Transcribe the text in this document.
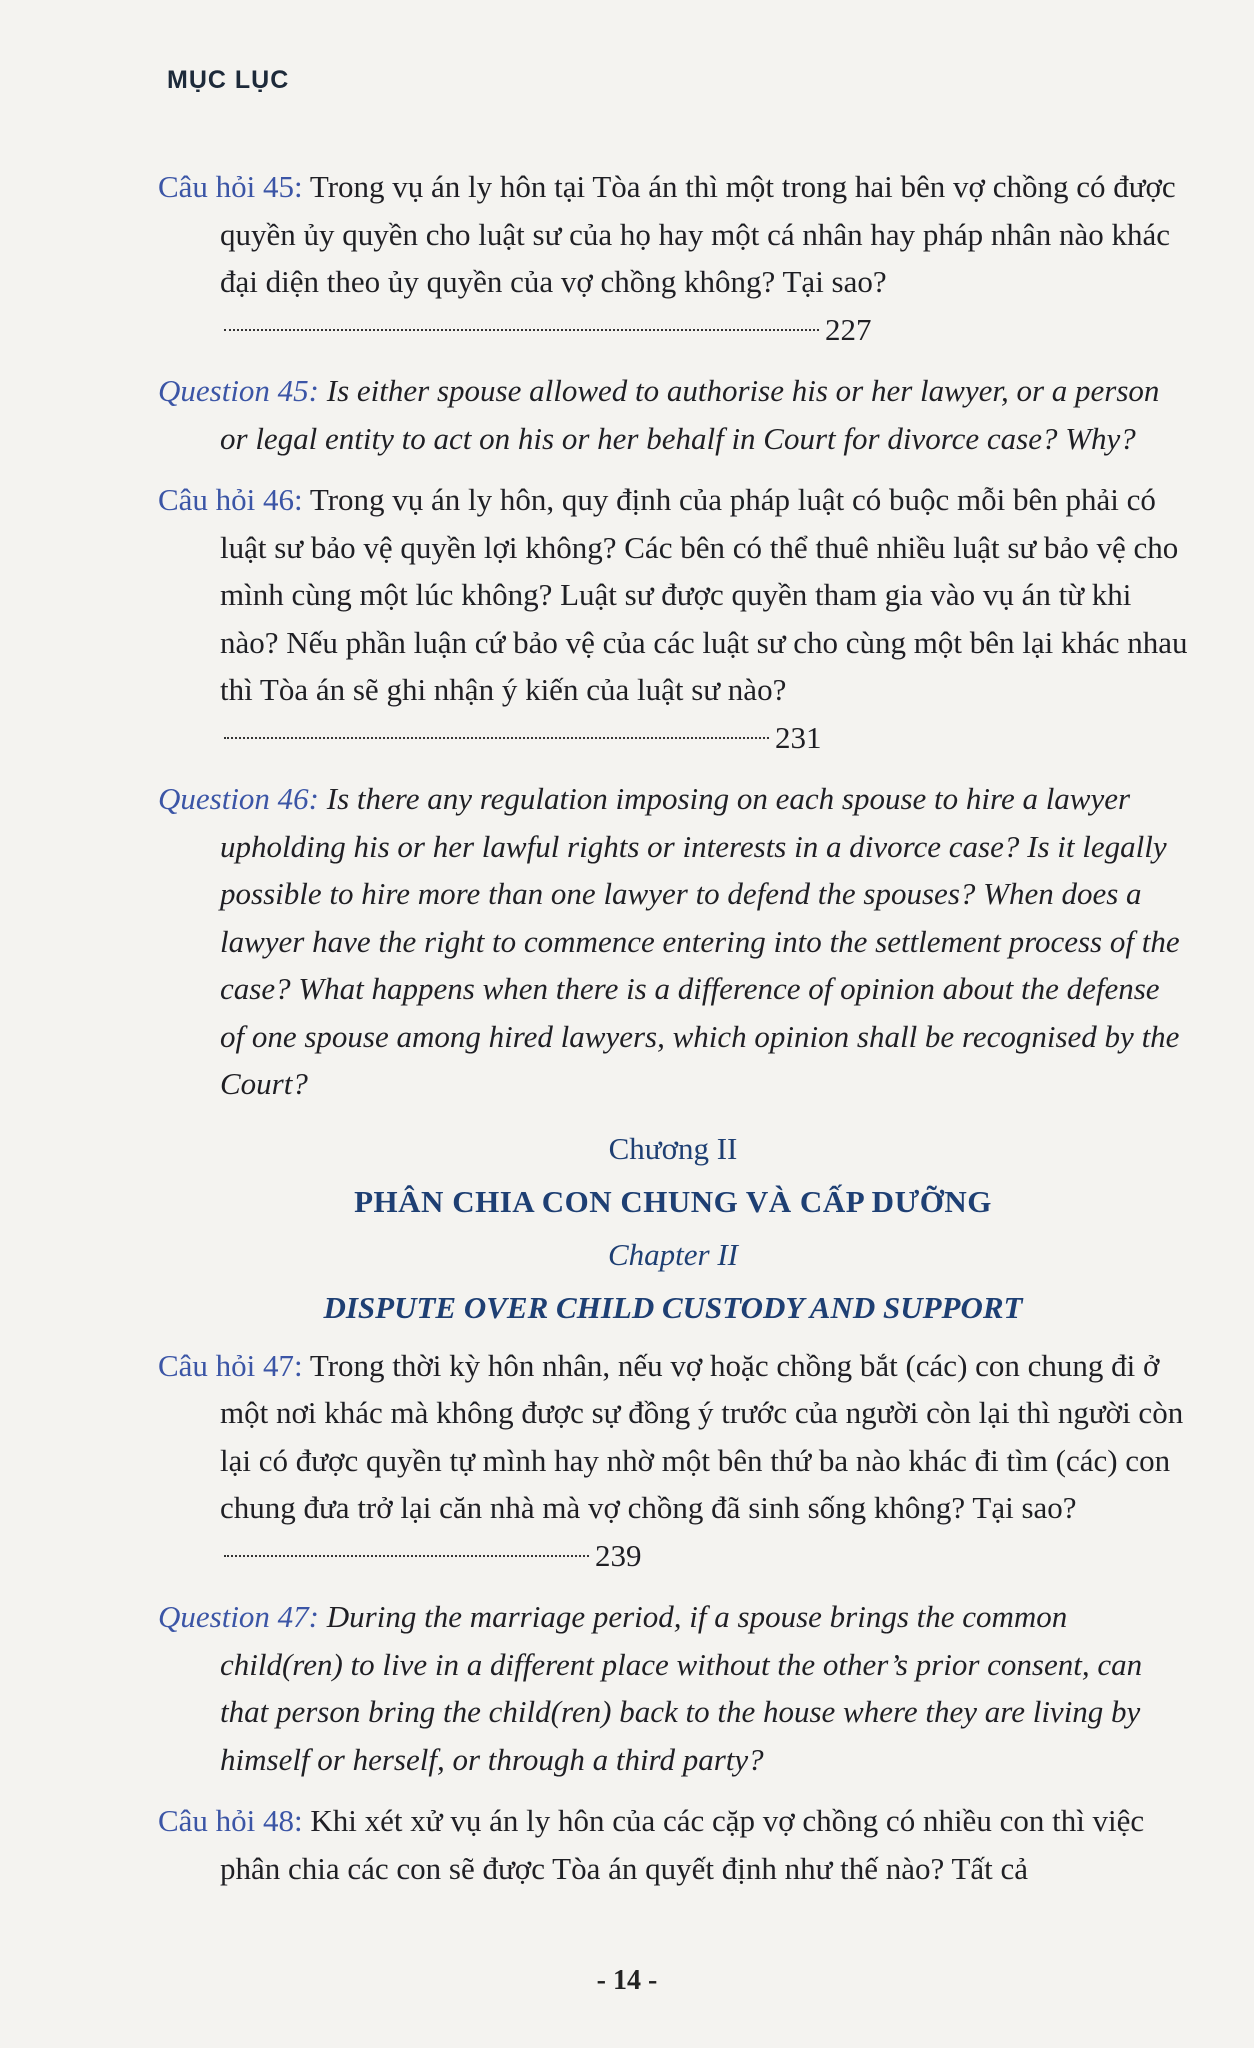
MỤC LỤC

Câu hỏi 45: Trong vụ án ly hôn tại Tòa án thì một trong hai bên vợ chồng có được quyền ủy quyền cho luật sư của họ hay một cá nhân hay pháp nhân nào khác đại diện theo ủy quyền của vợ chồng không? Tại sao?227

Question 45: Is either spouse allowed to authorise his or her lawyer, or a person or legal entity to act on his or her behalf in Court for divorce case? Why?

Câu hỏi 46: Trong vụ án ly hôn, quy định của pháp luật có buộc mỗi bên phải có luật sư bảo vệ quyền lợi không? Các bên có thể thuê nhiều luật sư bảo vệ cho mình cùng một lúc không? Luật sư được quyền tham gia vào vụ án từ khi nào? Nếu phần luận cứ bảo vệ của các luật sư cho cùng một bên lại khác nhau thì Tòa án sẽ ghi nhận ý kiến của luật sư nào?231

Question 46: Is there any regulation imposing on each spouse to hire a lawyer upholding his or her lawful rights or interests in a divorce case? Is it legally possible to hire more than one lawyer to defend the spouses? When does a lawyer have the right to commence entering into the settlement process of the case? What happens when there is a difference of opinion about the defense of one spouse among hired lawyers, which opinion shall be recognised by the Court?

Chương II
PHÂN CHIA CON CHUNG VÀ CẤP DƯỠNG
Chapter II
DISPUTE OVER CHILD CUSTODY AND SUPPORT

Câu hỏi 47: Trong thời kỳ hôn nhân, nếu vợ hoặc chồng bắt (các) con chung đi ở một nơi khác mà không được sự đồng ý trước của người còn lại thì người còn lại có được quyền tự mình hay nhờ một bên thứ ba nào khác đi tìm (các) con chung đưa trở lại căn nhà mà vợ chồng đã sinh sống không? Tại sao?239

Question 47: During the marriage period, if a spouse brings the common child(ren) to live in a different place without the other’s prior consent, can that person bring the child(ren) back to the house where they are living by himself or herself, or through a third party?

Câu hỏi 48: Khi xét xử vụ án ly hôn của các cặp vợ chồng có nhiều con thì việc phân chia các con sẽ được Tòa án quyết định như thế nào? Tất cả

- 14 -
